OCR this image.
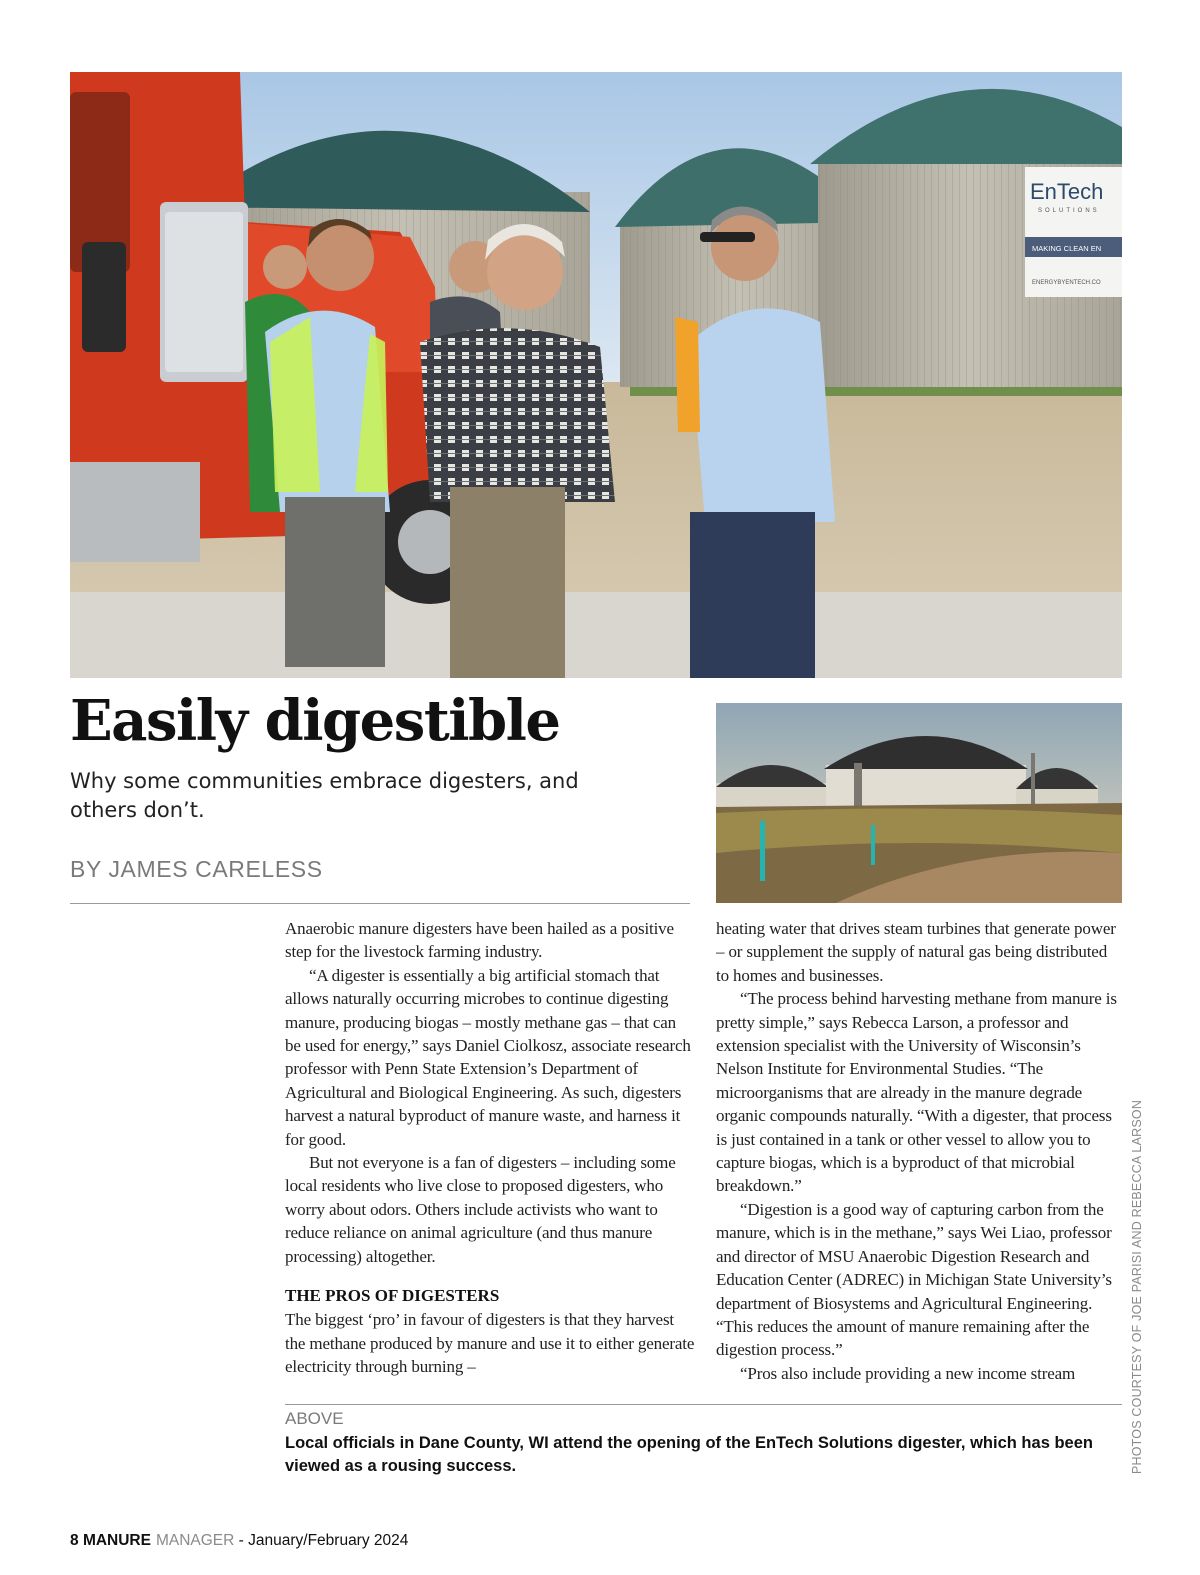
EnTech
SOLUTIONS
MAKING CLEAN EN
ENERGYBYENTECH.CO
Easily digestible

Why some communities embrace digesters, and others don’t.

BY JAMES CARELESS

Anaerobic manure digesters have been hailed as a positive step for the livestock farming industry.

“A digester is essentially a big artificial stomach that allows naturally occurring microbes to continue digesting manure, producing biogas – mostly methane gas – that can be used for energy,” says Daniel Ciolkosz, associate research professor with Penn State Extension’s Department of Agricultural and Biological Engineering. As such, digesters harvest a natural byproduct of manure waste, and harness it for good.

But not everyone is a fan of digesters – including some local residents who live close to proposed digesters, who worry about odors. Others include activists who want to reduce reliance on animal agriculture (and thus manure processing) altogether.

THE PROS OF DIGESTERS

The biggest ‘pro’ in favour of digesters is that they harvest the methane produced by manure and use it to either generate electricity through burning –

heating water that drives steam turbines that generate power – or supplement the supply of natural gas being distributed to homes and businesses.

“The process behind harvesting methane from manure is pretty simple,” says Rebecca Larson, a professor and extension specialist with the University of Wisconsin’s Nelson Institute for Environmental Studies. “The microorganisms that are already in the manure degrade organic compounds naturally. “With a digester, that process is just contained in a tank or other vessel to allow you to capture biogas, which is a byproduct of that microbial breakdown.”

“Digestion is a good way of capturing carbon from the manure, which is in the methane,” says Wei Liao, professor and director of MSU Anaerobic Digestion Research and Education Center (ADREC) in Michigan State University’s department of Biosystems and Agricultural Engineering. “This reduces the amount of manure remaining after the digestion process.”

“Pros also include providing a new income stream

ABOVE

Local officials in Dane County, WI attend the opening of the EnTech Solutions digester, which has been viewed as a rousing success.	PHOTOS COURTESY OF JOE PARISI AND REBECCA LARSON

8 MANURE MANAGER - January/February 2024
